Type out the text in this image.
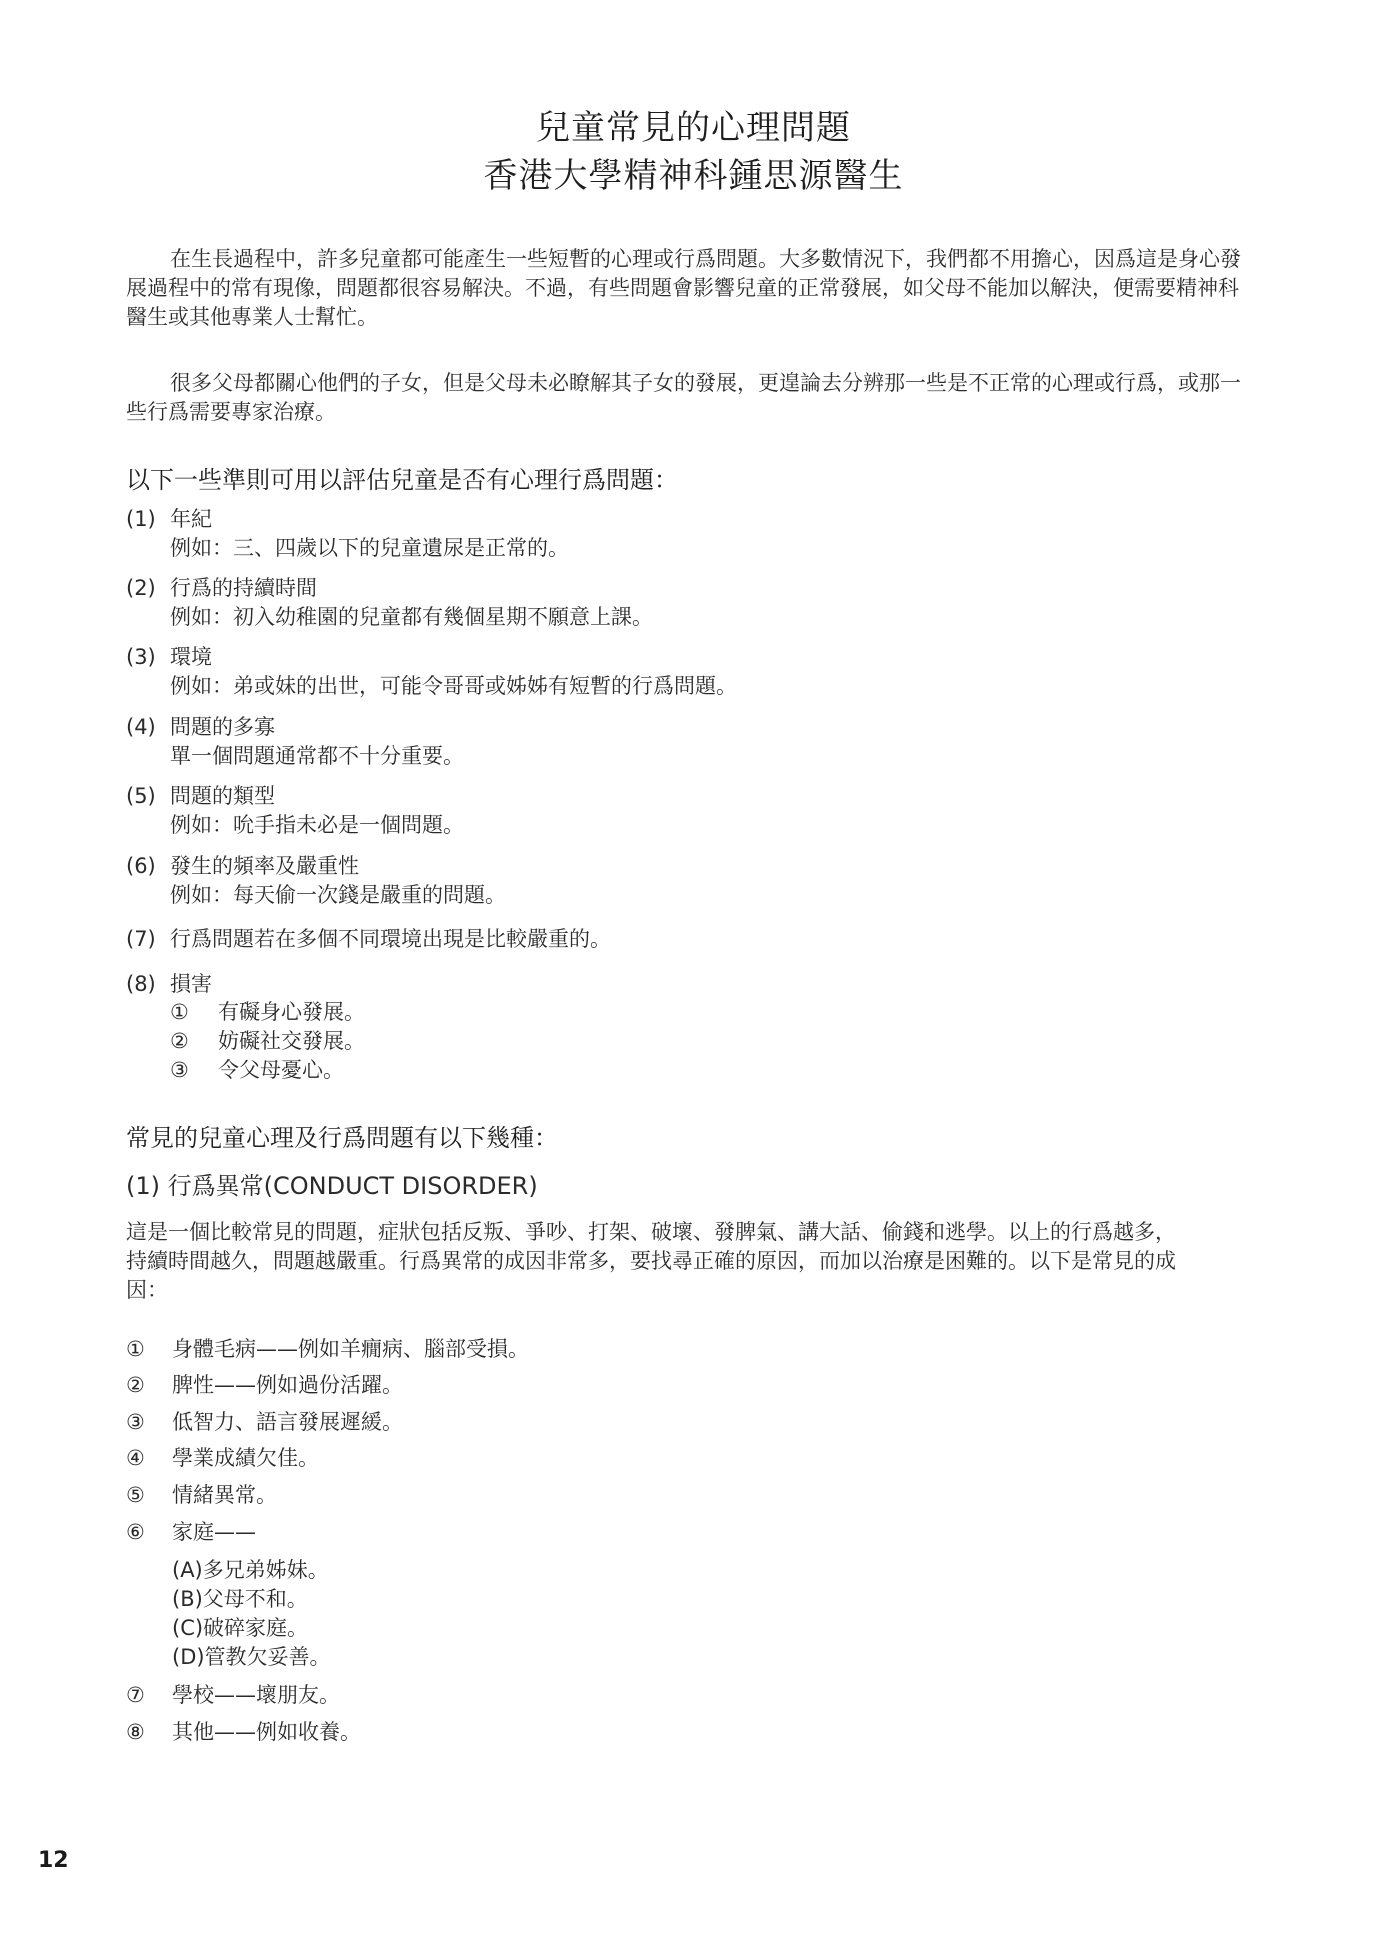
兒童常見的心理問題
香港大學精神科鍾思源醫生

在生長過程中，許多兒童都可能產生一些短暫的心理或行爲問題。大多數情況下，我們都不用擔心，因爲這是身心發展過程中的常有現像，問題都很容易解決。不過，有些問題會影響兒童的正常發展，如父母不能加以解決，便需要精神科醫生或其他專業人士幫忙。

很多父母都關心他們的子女，但是父母未必瞭解其子女的發展，更遑論去分辨那一些是不正常的心理或行爲，或那一些行爲需要專家治療。

以下一些準則可用以評估兒童是否有心理行爲問題：
(1) 年紀
例如：三、四歲以下的兒童遺尿是正常的。
(2) 行爲的持續時間
例如：初入幼稚園的兒童都有幾個星期不願意上課。
(3) 環境
例如：弟或妹的出世，可能令哥哥或姊姊有短暫的行爲問題。
(4) 問題的多寡
單一個問題通常都不十分重要。
(5) 問題的類型
例如：吮手指未必是一個問題。
(6) 發生的頻率及嚴重性
例如：每天偷一次錢是嚴重的問題。
(7) 行爲問題若在多個不同環境出現是比較嚴重的。
(8) 損害
① 有礙身心發展。
② 妨礙社交發展。
③ 令父母憂心。
常見的兒童心理及行爲問題有以下幾種：
(1) 行爲異常(CONDUCT DISORDER)

這是一個比較常見的問題，症狀包括反叛、爭吵、打架、破壞、發脾氣、講大話、偷錢和逃學。以上的行爲越多，持續時間越久，問題越嚴重。行爲異常的成因非常多，要找尋正確的原因，而加以治療是困難的。以下是常見的成因：

① 身體毛病——例如羊癇病、腦部受損。
② 脾性——例如過份活躍。
③ 低智力、語言發展遲緩。
④ 學業成績欠佳。
⑤ 情緒異常。
⑥ 家庭——
(A)多兄弟姊妹。
(B)父母不和。
(C)破碎家庭。
(D)管教欠妥善。
⑦ 學校——壞朋友。
⑧ 其他——例如收養。
12
